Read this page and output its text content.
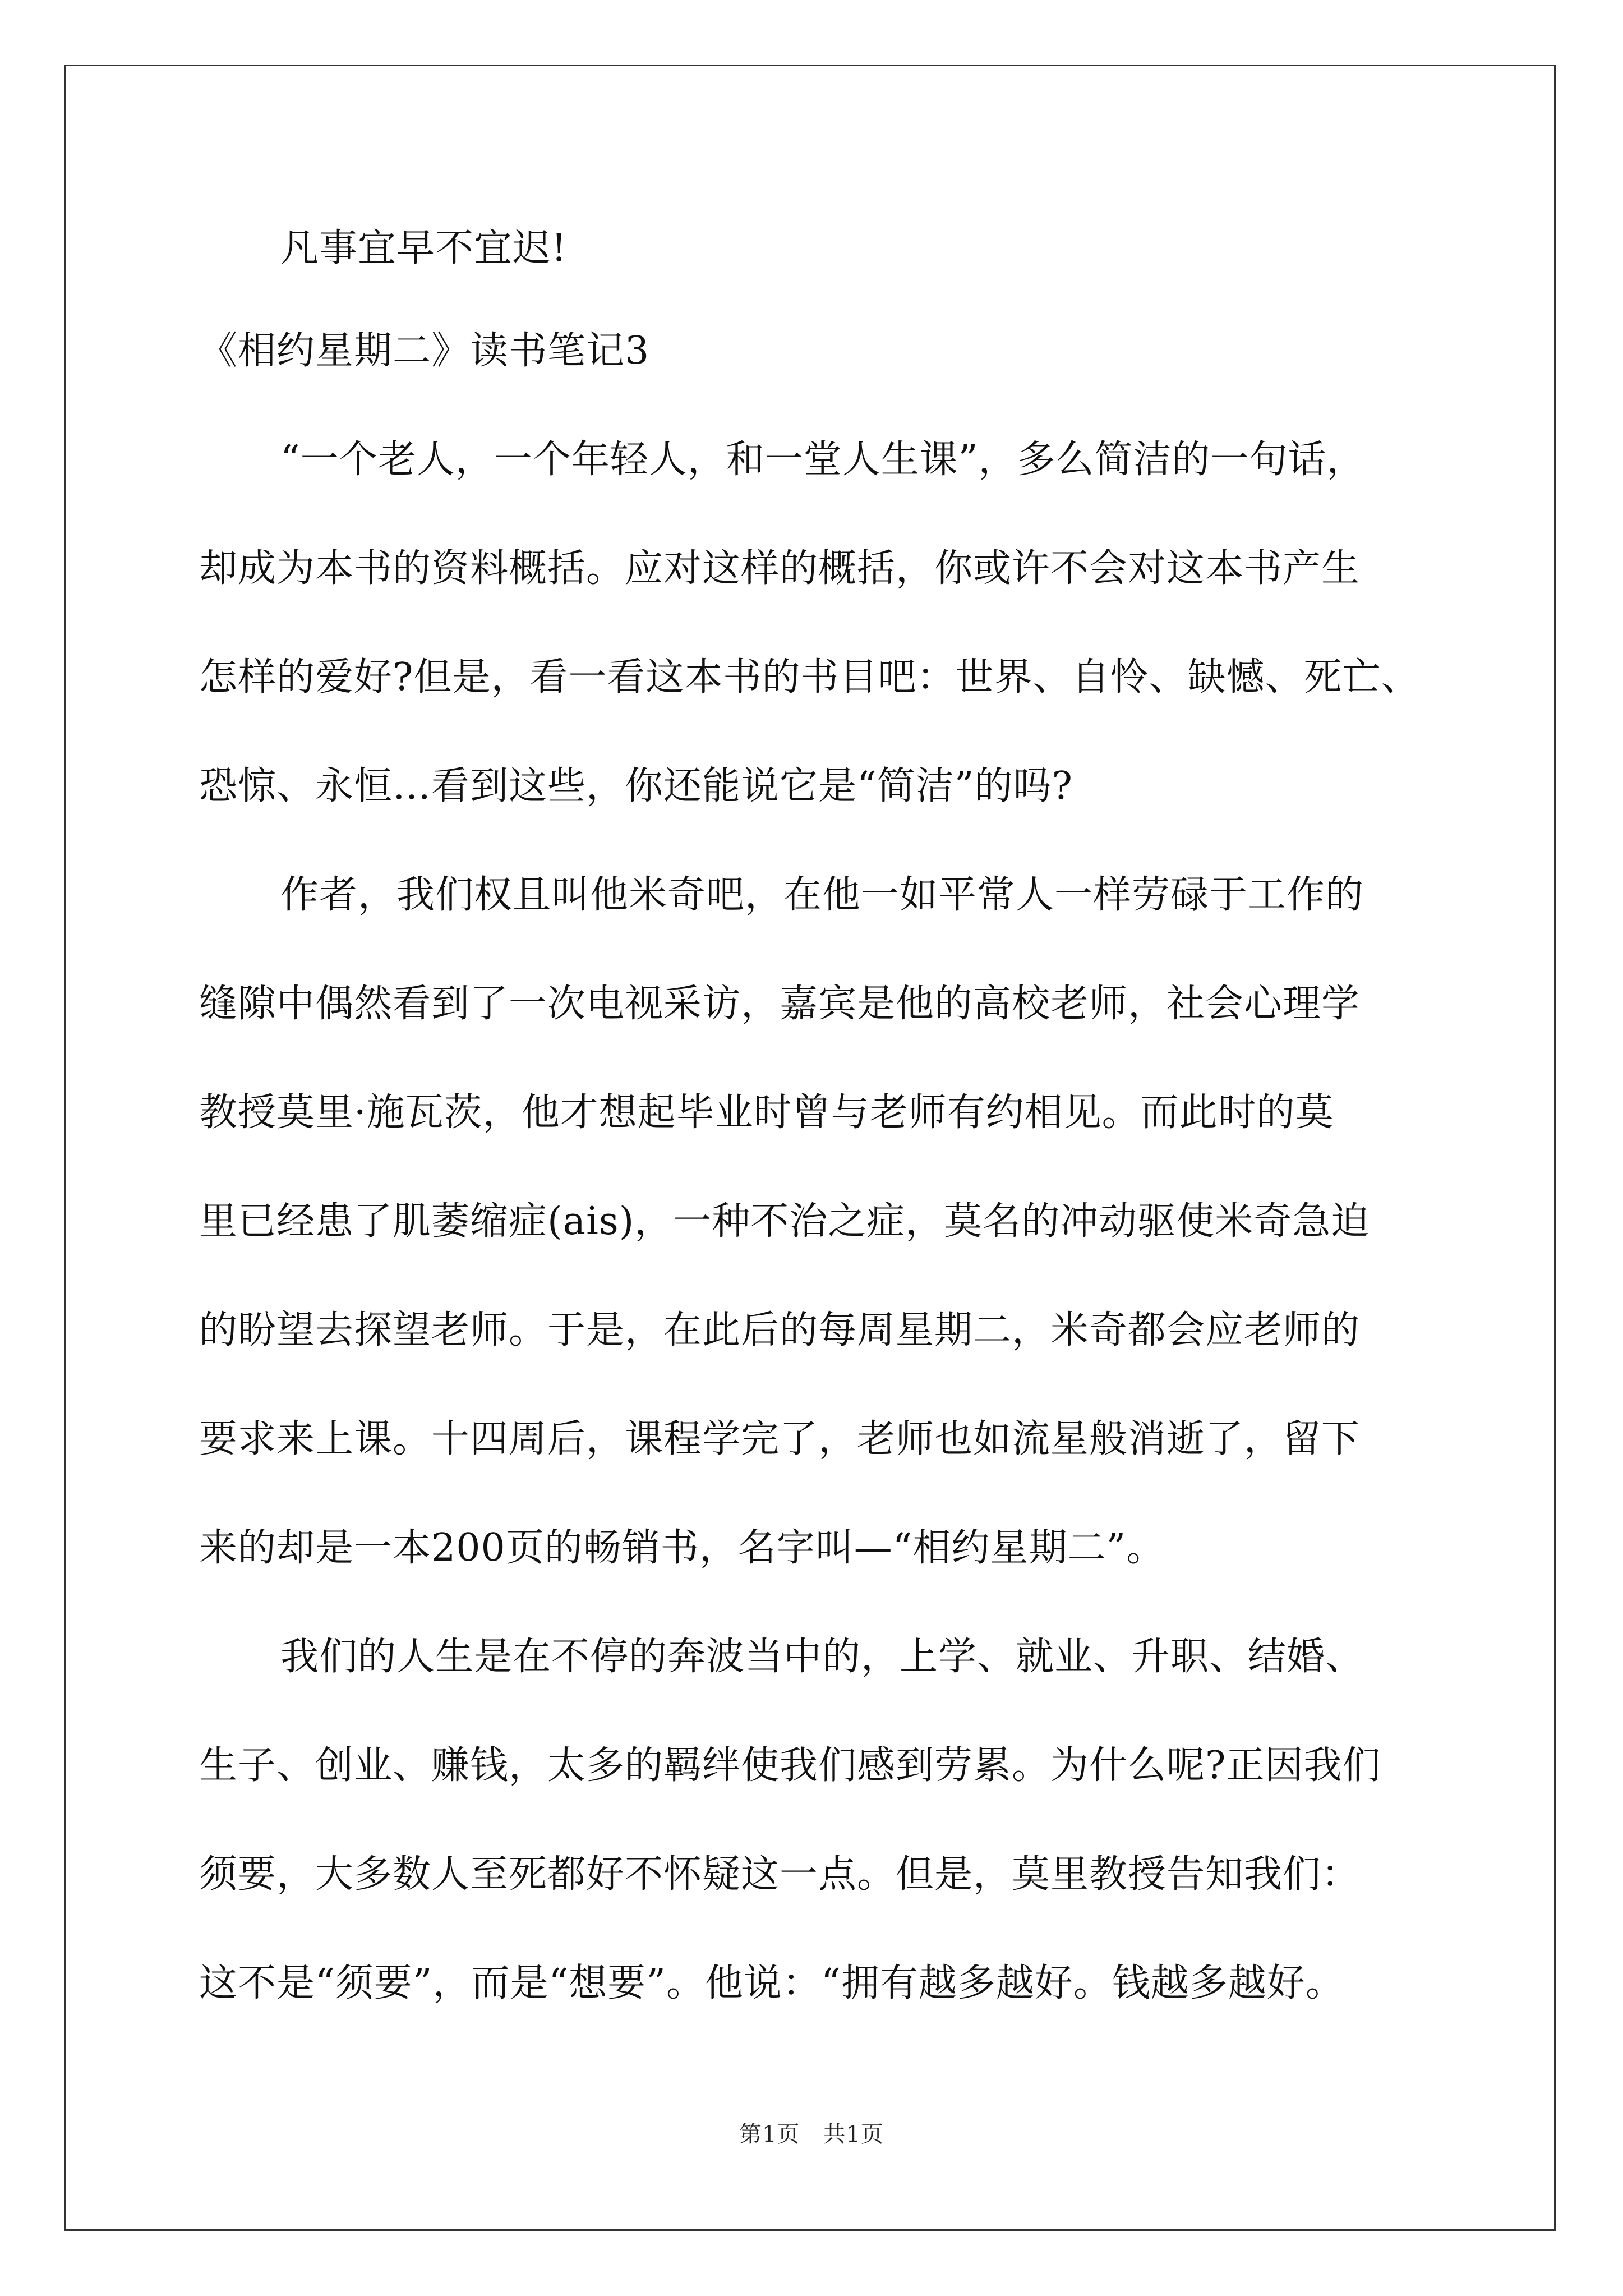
凡事宜早不宜迟!
《相约星期二》读书笔记3
“一个老人，一个年轻人，和一堂人生课”，多么简洁的一句话，
却成为本书的资料概括。应对这样的概括，你或许不会对这本书产生
怎样的爱好?但是，看一看这本书的书目吧：世界、自怜、缺憾、死亡、
恐惊、永恒…看到这些，你还能说它是“简洁”的吗?
作者，我们权且叫他米奇吧，在他一如平常人一样劳碌于工作的
缝隙中偶然看到了一次电视采访，嘉宾是他的高校老师，社会心理学
教授莫里·施瓦茨，他才想起毕业时曾与老师有约相见。而此时的莫
里已经患了肌萎缩症(ais)，一种不治之症，莫名的冲动驱使米奇急迫
的盼望去探望老师。于是，在此后的每周星期二，米奇都会应老师的
要求来上课。十四周后，课程学完了，老师也如流星般消逝了，留下
来的却是一本200页的畅销书，名字叫—“相约星期二”。
我们的人生是在不停的奔波当中的，上学、就业、升职、结婚、
生子、创业、赚钱，太多的羁绊使我们感到劳累。为什么呢?正因我们
须要，大多数人至死都好不怀疑这一点。但是，莫里教授告知我们：
这不是“须要”，而是“想要”。他说：“拥有越多越好。钱越多越好。
第1页　共1页
